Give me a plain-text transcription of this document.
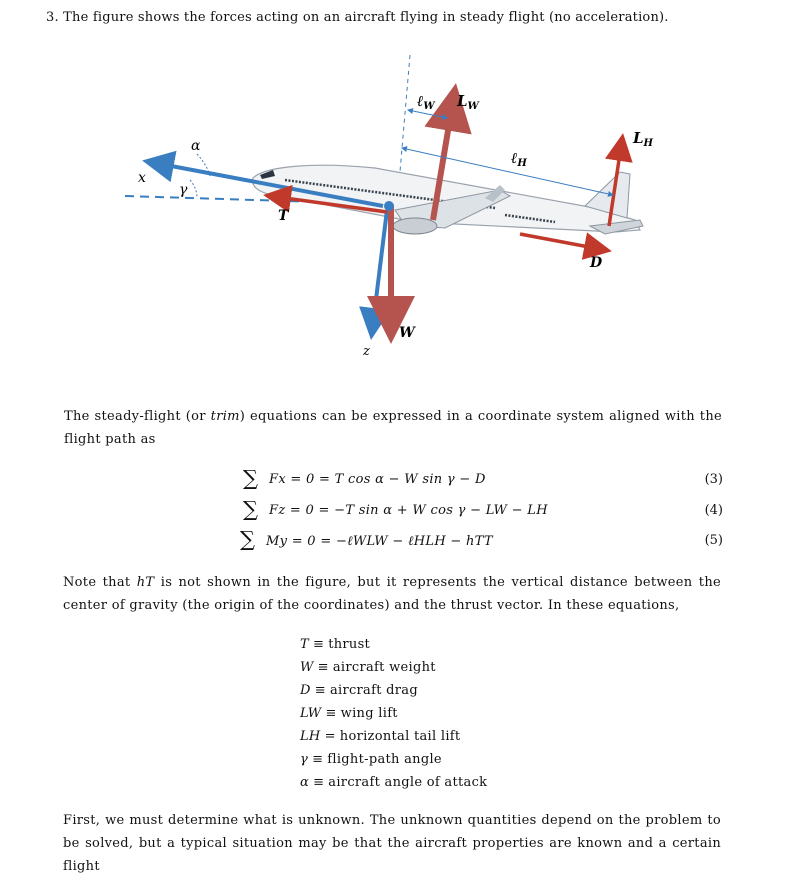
3. The figure shows the forces acting on an aircraft flying in steady flight (no acceleration).
α
γ
x
z
T
W
D
ℓ$_W$ $L_W$
ℓ$_H$
$L_H$
The steady-flight (or trim) equations can be expressed in a coordinate system aligned with the flight path as
∑ Fx = 0 = T cos α − W sin γ − D	(3)
∑ Fz = 0 = −T sin α + W cos γ − LW − LH	(4)
∑ My = 0 = −ℓWLW − ℓHLH − hTT	(5)
Note that hT is not shown in the figure, but it represents the vertical distance between the center of gravity (the origin of the coordinates) and the thrust vector. In these equations,
T ≡ thrust
W ≡ aircraft weight
D ≡ aircraft drag
LW ≡ wing lift
LH = horizontal tail lift
γ ≡ flight-path angle
α ≡ aircraft angle of attack
First, we must determine what is unknown. The unknown quantities depend on the problem to be solved, but a typical situation may be that the aircraft properties are known and a certain flight
